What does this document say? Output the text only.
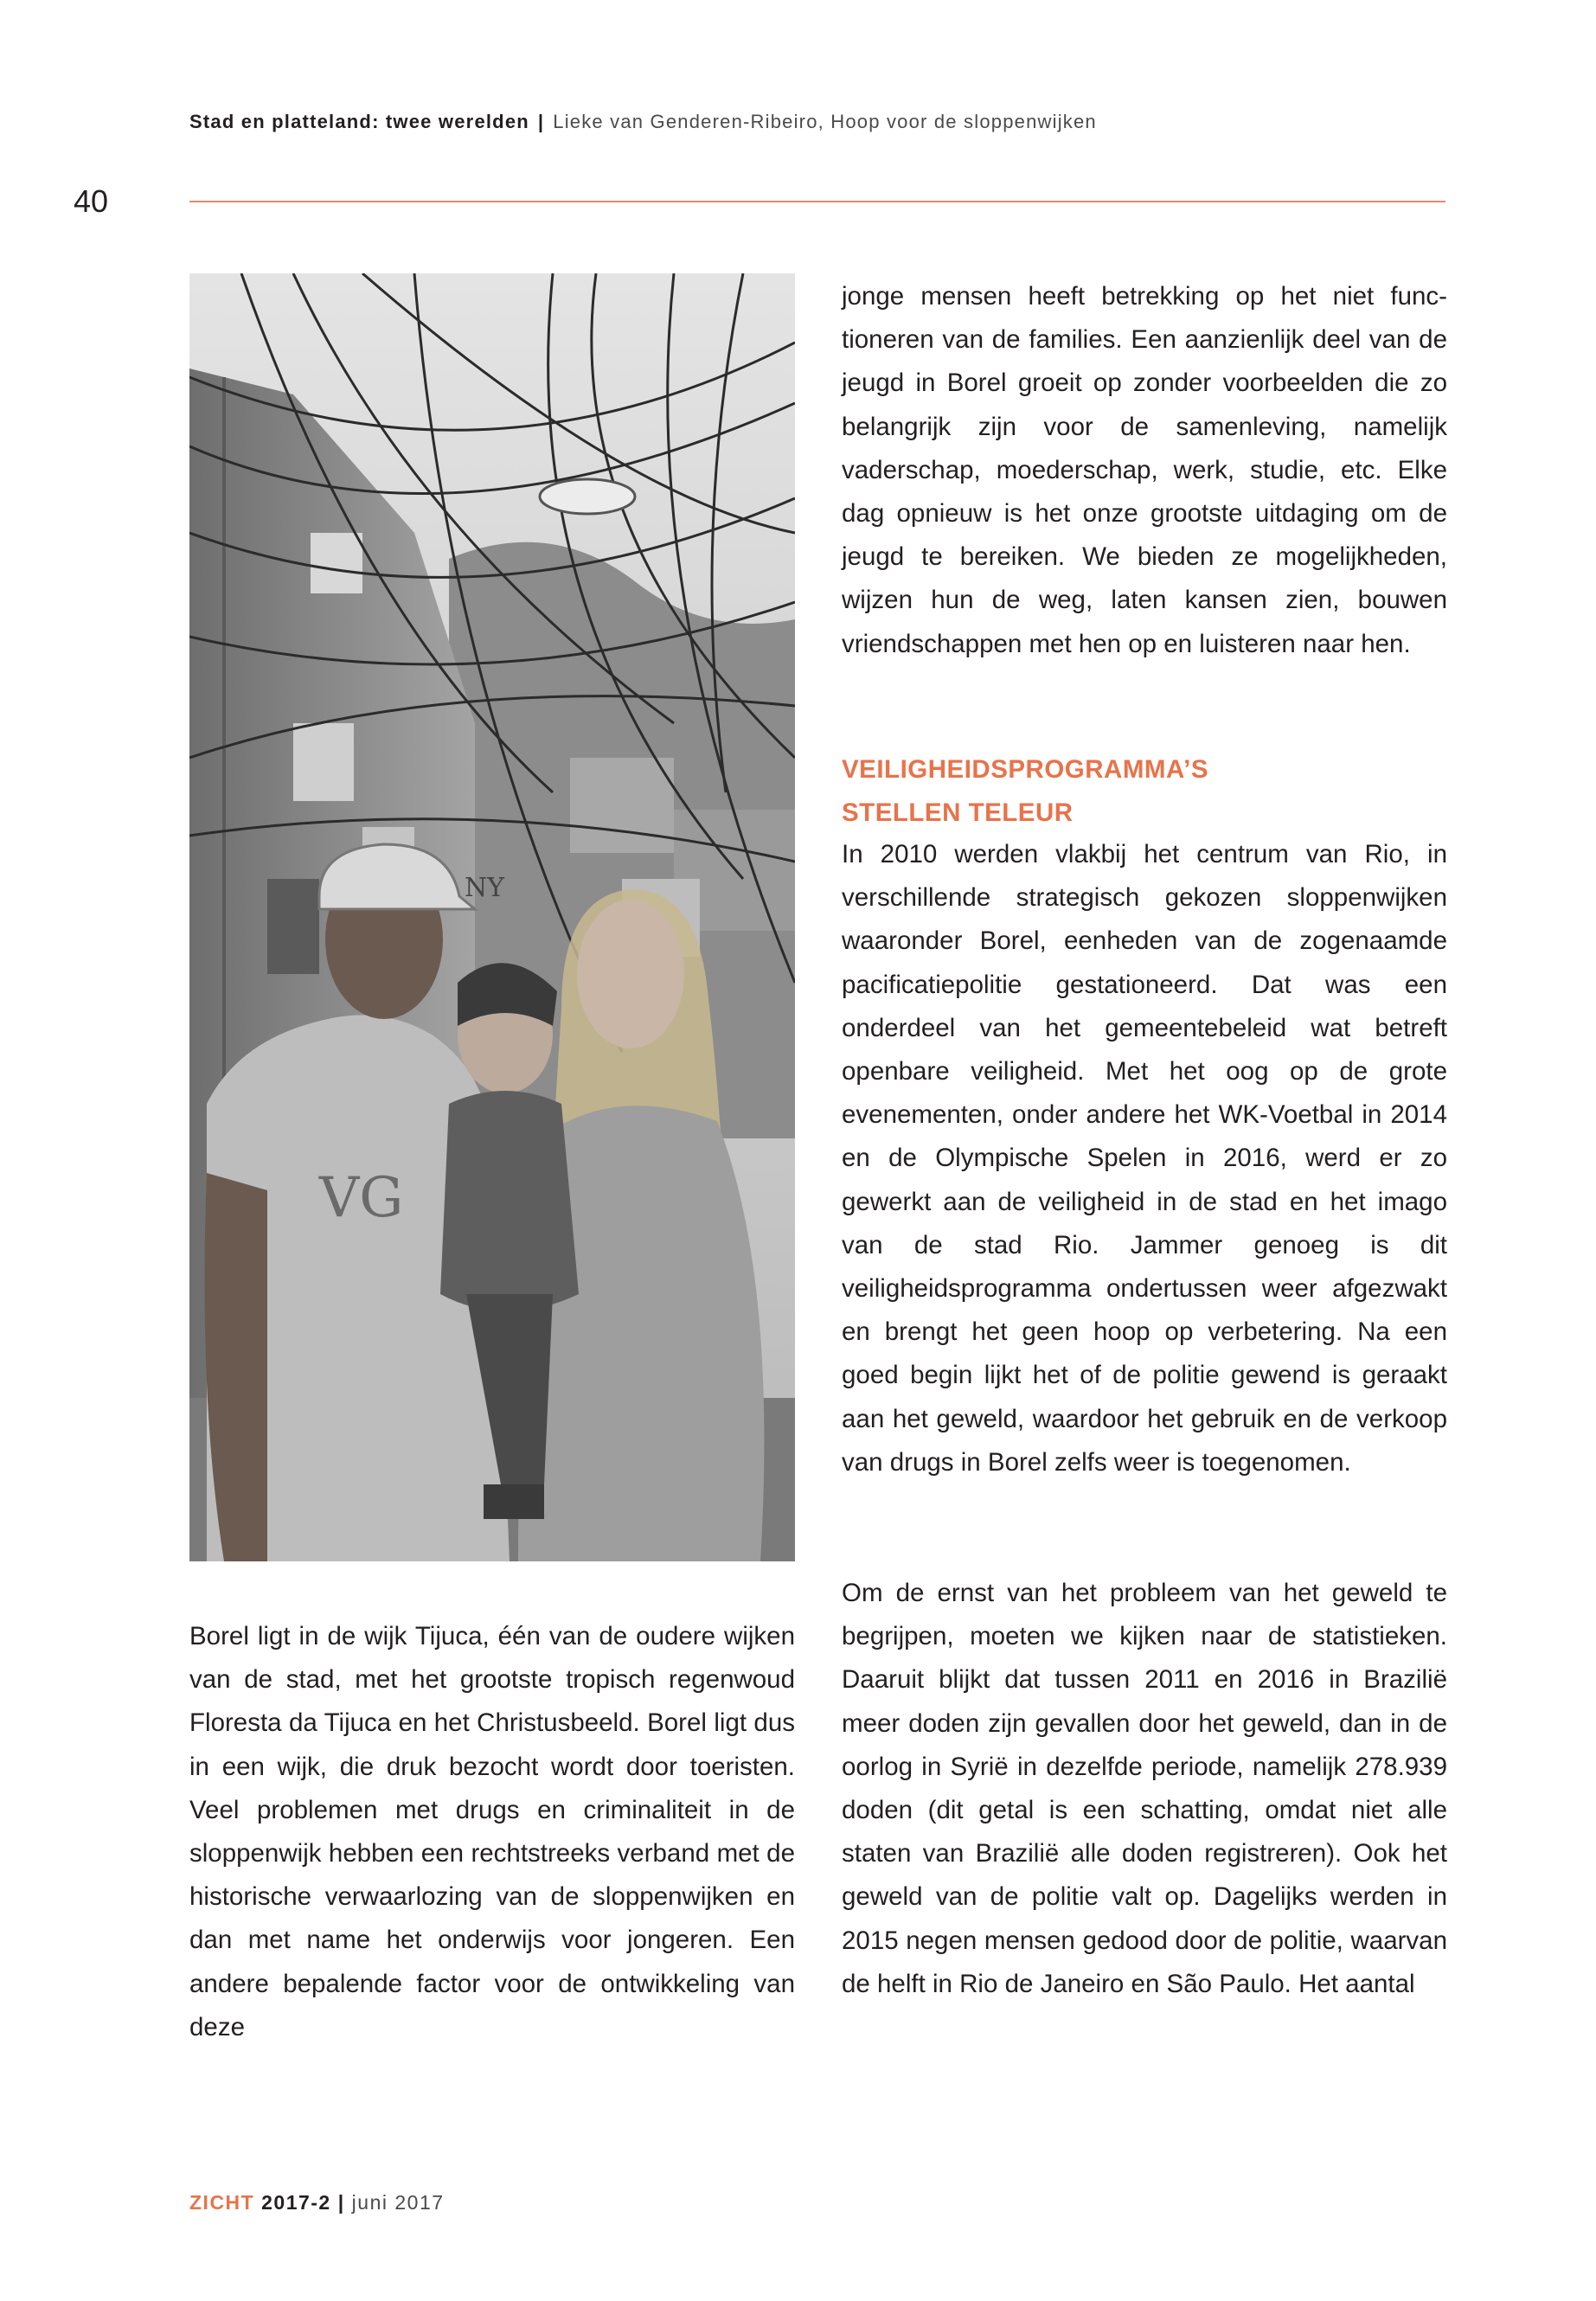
Stad en platteland: twee werelden | Lieke van Genderen-Ribeiro, Hoop voor de sloppenwijken
40
NY
VG

Borel ligt in de wijk Tijuca, één van de oudere wijken van de stad, met het grootste tropisch regenwoud Floresta da Tijuca en het Christusbeeld. Borel ligt dus in een wijk, die druk bezocht wordt door toeristen. Veel problemen met drugs en criminaliteit in de sloppenwijk hebben een rechtstreeks verband met de historische verwaarlozing van de sloppenwijken en dan met name het onderwijs voor jongeren. Een andere bepalende factor voor de ontwikkeling van deze

jonge mensen heeft betrekking op het niet functioneren van de families. Een aanzienlijk deel van de jeugd in Borel groeit op zonder voorbeelden die zo belangrijk zijn voor de samenleving, namelijk vaderschap, moederschap, werk, studie, etc. Elke dag opnieuw is het onze grootste uitdaging om de jeugd te bereiken. We bieden ze mogelijkheden, wijzen hun de weg, laten kansen zien, bouwen vriendschappen met hen op en luisteren naar hen.

VEILIGHEIDSPROGRAMMA’S
STELLEN TELEUR

In 2010 werden vlakbij het centrum van Rio, in verschillende strategisch gekozen sloppenwijken waaronder Borel, eenheden van de zogenaamde pacificatiepolitie gestationeerd. Dat was een onderdeel van het gemeentebeleid wat betreft openbare veiligheid. Met het oog op de grote evenementen, onder andere het WK-Voetbal in 2014 en de Olympische Spelen in 2016, werd er zo gewerkt aan de veiligheid in de stad en het imago van de stad Rio. Jammer genoeg is dit veiligheidsprogramma ondertussen weer afgezwakt en brengt het geen hoop op verbetering. Na een goed begin lijkt het of de politie gewend is geraakt aan het geweld, waardoor het gebruik en de verkoop van drugs in Borel zelfs weer is toegenomen.

Om de ernst van het probleem van het geweld te begrijpen, moeten we kijken naar de statistieken. Daaruit blijkt dat tussen 2011 en 2016 in Brazilië meer doden zijn gevallen door het geweld, dan in de oorlog in Syrië in dezelfde periode, namelijk 278.939 doden (dit getal is een schatting, omdat niet alle staten van Brazilië alle doden registreren). Ook het geweld van de politie valt op. Dagelijks werden in 2015 negen mensen gedood door de politie, waarvan de helft in Rio de Janeiro en São Paulo. Het aantal

ZICHT 2017-2 | juni 2017
